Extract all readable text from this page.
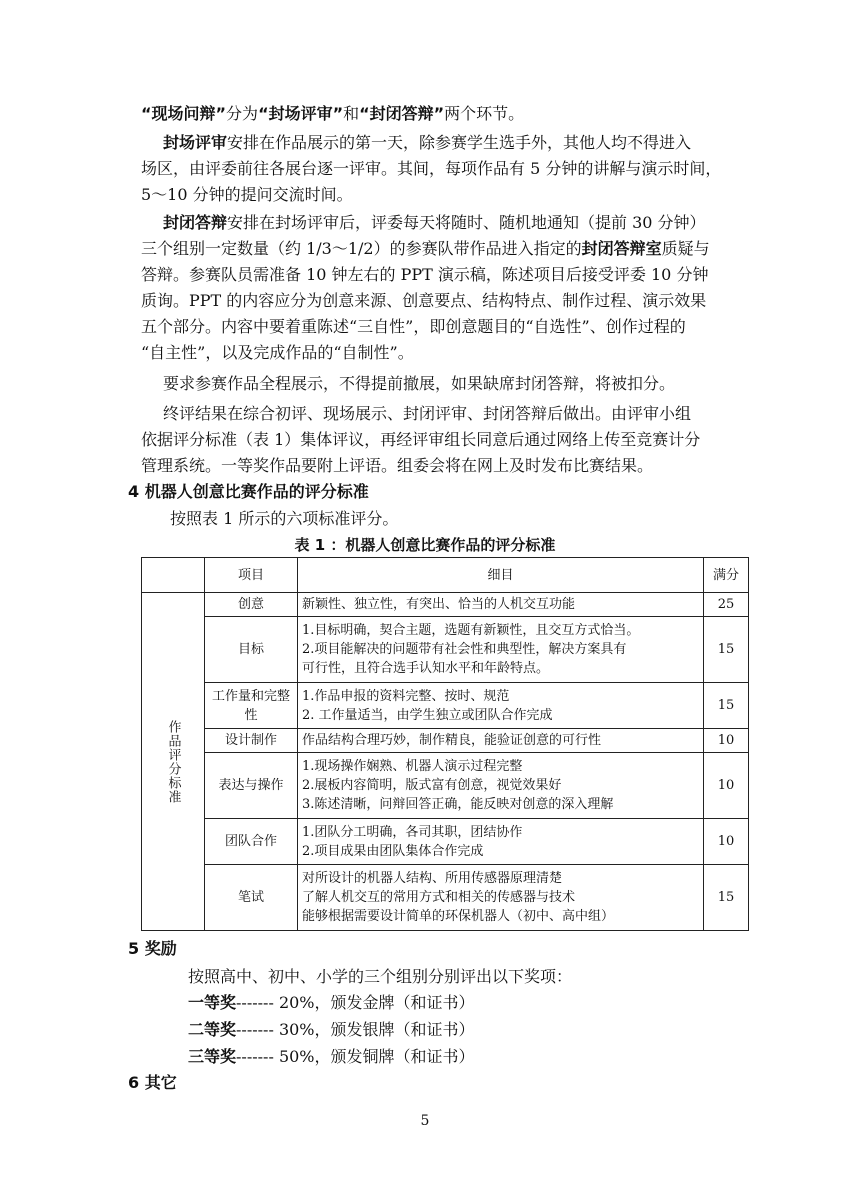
“现场问辩”分为“封场评审”和“封闭答辩”两个环节。
封场评审安排在作品展示的第一天，除参赛学生选手外，其他人均不得进入
场区，由评委前往各展台逐一评审。其间，每项作品有 5 分钟的讲解与演示时间，
5～10 分钟的提问交流时间。
封闭答辩安排在封场评审后，评委每天将随时、随机地通知（提前 30 分钟）
三个组别一定数量（约 1/3～1/2）的参赛队带作品进入指定的封闭答辩室质疑与
答辩。参赛队员需准备 10 钟左右的 PPT 演示稿，陈述项目后接受评委 10 分钟
质询。PPT 的内容应分为创意来源、创意要点、结构特点、制作过程、演示效果
五个部分。内容中要着重陈述“三自性”，即创意题目的“自选性”、创作过程的
“自主性”，以及完成作品的“自制性”。
要求参赛作品全程展示，不得提前撤展，如果缺席封闭答辩，将被扣分。
终评结果在综合初评、现场展示、封闭评审、封闭答辩后做出。由评审小组
依据评分标准（表 1）集体评议，再经评审组长同意后通过网络上传至竞赛计分
管理系统。一等奖作品要附上评语。组委会将在网上及时发布比赛结果。
4 机器人创意比赛作品的评分标准
按照表 1 所示的六项标准评分。
表 1 ：机器人创意比赛作品的评分标准
	项目	细目	满分

作品评分标准	创意	新颖性、独立性，有突出、恰当的人机交互功能	25
	目标	1.目标明确，契合主题，选题有新颖性，且交互方式恰当。
2.项目能解决的问题带有社会性和典型性，解决方案具有
可行性，且符合选手认知水平和年龄特点。	15
	工作量和完整性	1.作品申报的资料完整、按时、规范
2. 工作量适当，由学生独立或团队合作完成	15
	设计制作	作品结构合理巧妙，制作精良，能验证创意的可行性	10
	表达与操作	1.现场操作娴熟、机器人演示过程完整
2.展板内容简明，版式富有创意，视觉效果好
3.陈述清晰，问辩回答正确，能反映对创意的深入理解	10
	团队合作	1.团队分工明确，各司其职，团结协作
2.项目成果由团队集体合作完成	10
	笔试	对所设计的机器人结构、所用传感器原理清楚
了解人机交互的常用方式和相关的传感器与技术
能够根据需要设计简单的环保机器人（初中、高中组）	15
5 奖励
按照高中、初中、小学的三个组别分别评出以下奖项：
一等奖------- 20%，颁发金牌（和证书）
二等奖------- 30%，颁发银牌（和证书）
三等奖------- 50%，颁发铜牌（和证书）
6 其它
5
